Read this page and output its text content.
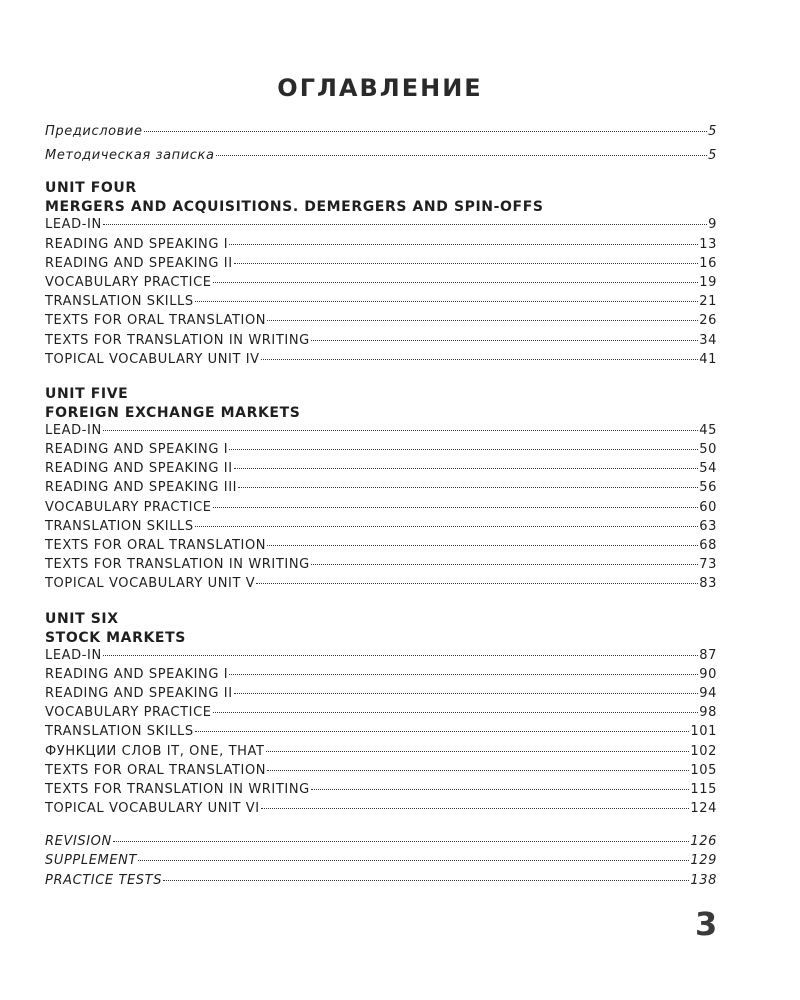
ОГЛАВЛЕНИЕ
Предисловие	5
Методическая записка	5
UNIT FOUR
MERGERS AND ACQUISITIONS. DEMERGERS AND SPIN-OFFS
LEAD-IN	9
READING AND SPEAKING I	13
READING AND SPEAKING II	16
VOCABULARY PRACTICE	19
TRANSLATION SKILLS	21
TEXTS FOR ORAL TRANSLATION	26
TEXTS FOR TRANSLATION IN WRITING	34
TOPICAL VOCABULARY UNIT IV	41
UNIT FIVE
FOREIGN EXCHANGE MARKETS
LEAD-IN	45
READING AND SPEAKING I	50
READING AND SPEAKING II	54
READING AND SPEAKING III	56
VOCABULARY PRACTICE	60
TRANSLATION SKILLS	63
TEXTS FOR ORAL TRANSLATION	68
TEXTS FOR TRANSLATION IN WRITING	73
TOPICAL VOCABULARY UNIT V	83
UNIT SIX
STOCK MARKETS
LEAD-IN	87
READING AND SPEAKING I	90
READING AND SPEAKING II	94
VOCABULARY PRACTICE	98
TRANSLATION SKILLS	101
ФУНКЦИИ СЛОВ IT, ONE, THAT	102
TEXTS FOR ORAL TRANSLATION	105
TEXTS FOR TRANSLATION IN WRITING	115
TOPICAL VOCABULARY UNIT VI	124
REVISION	126
SUPPLEMENT	129
PRACTICE TESTS	138
3
